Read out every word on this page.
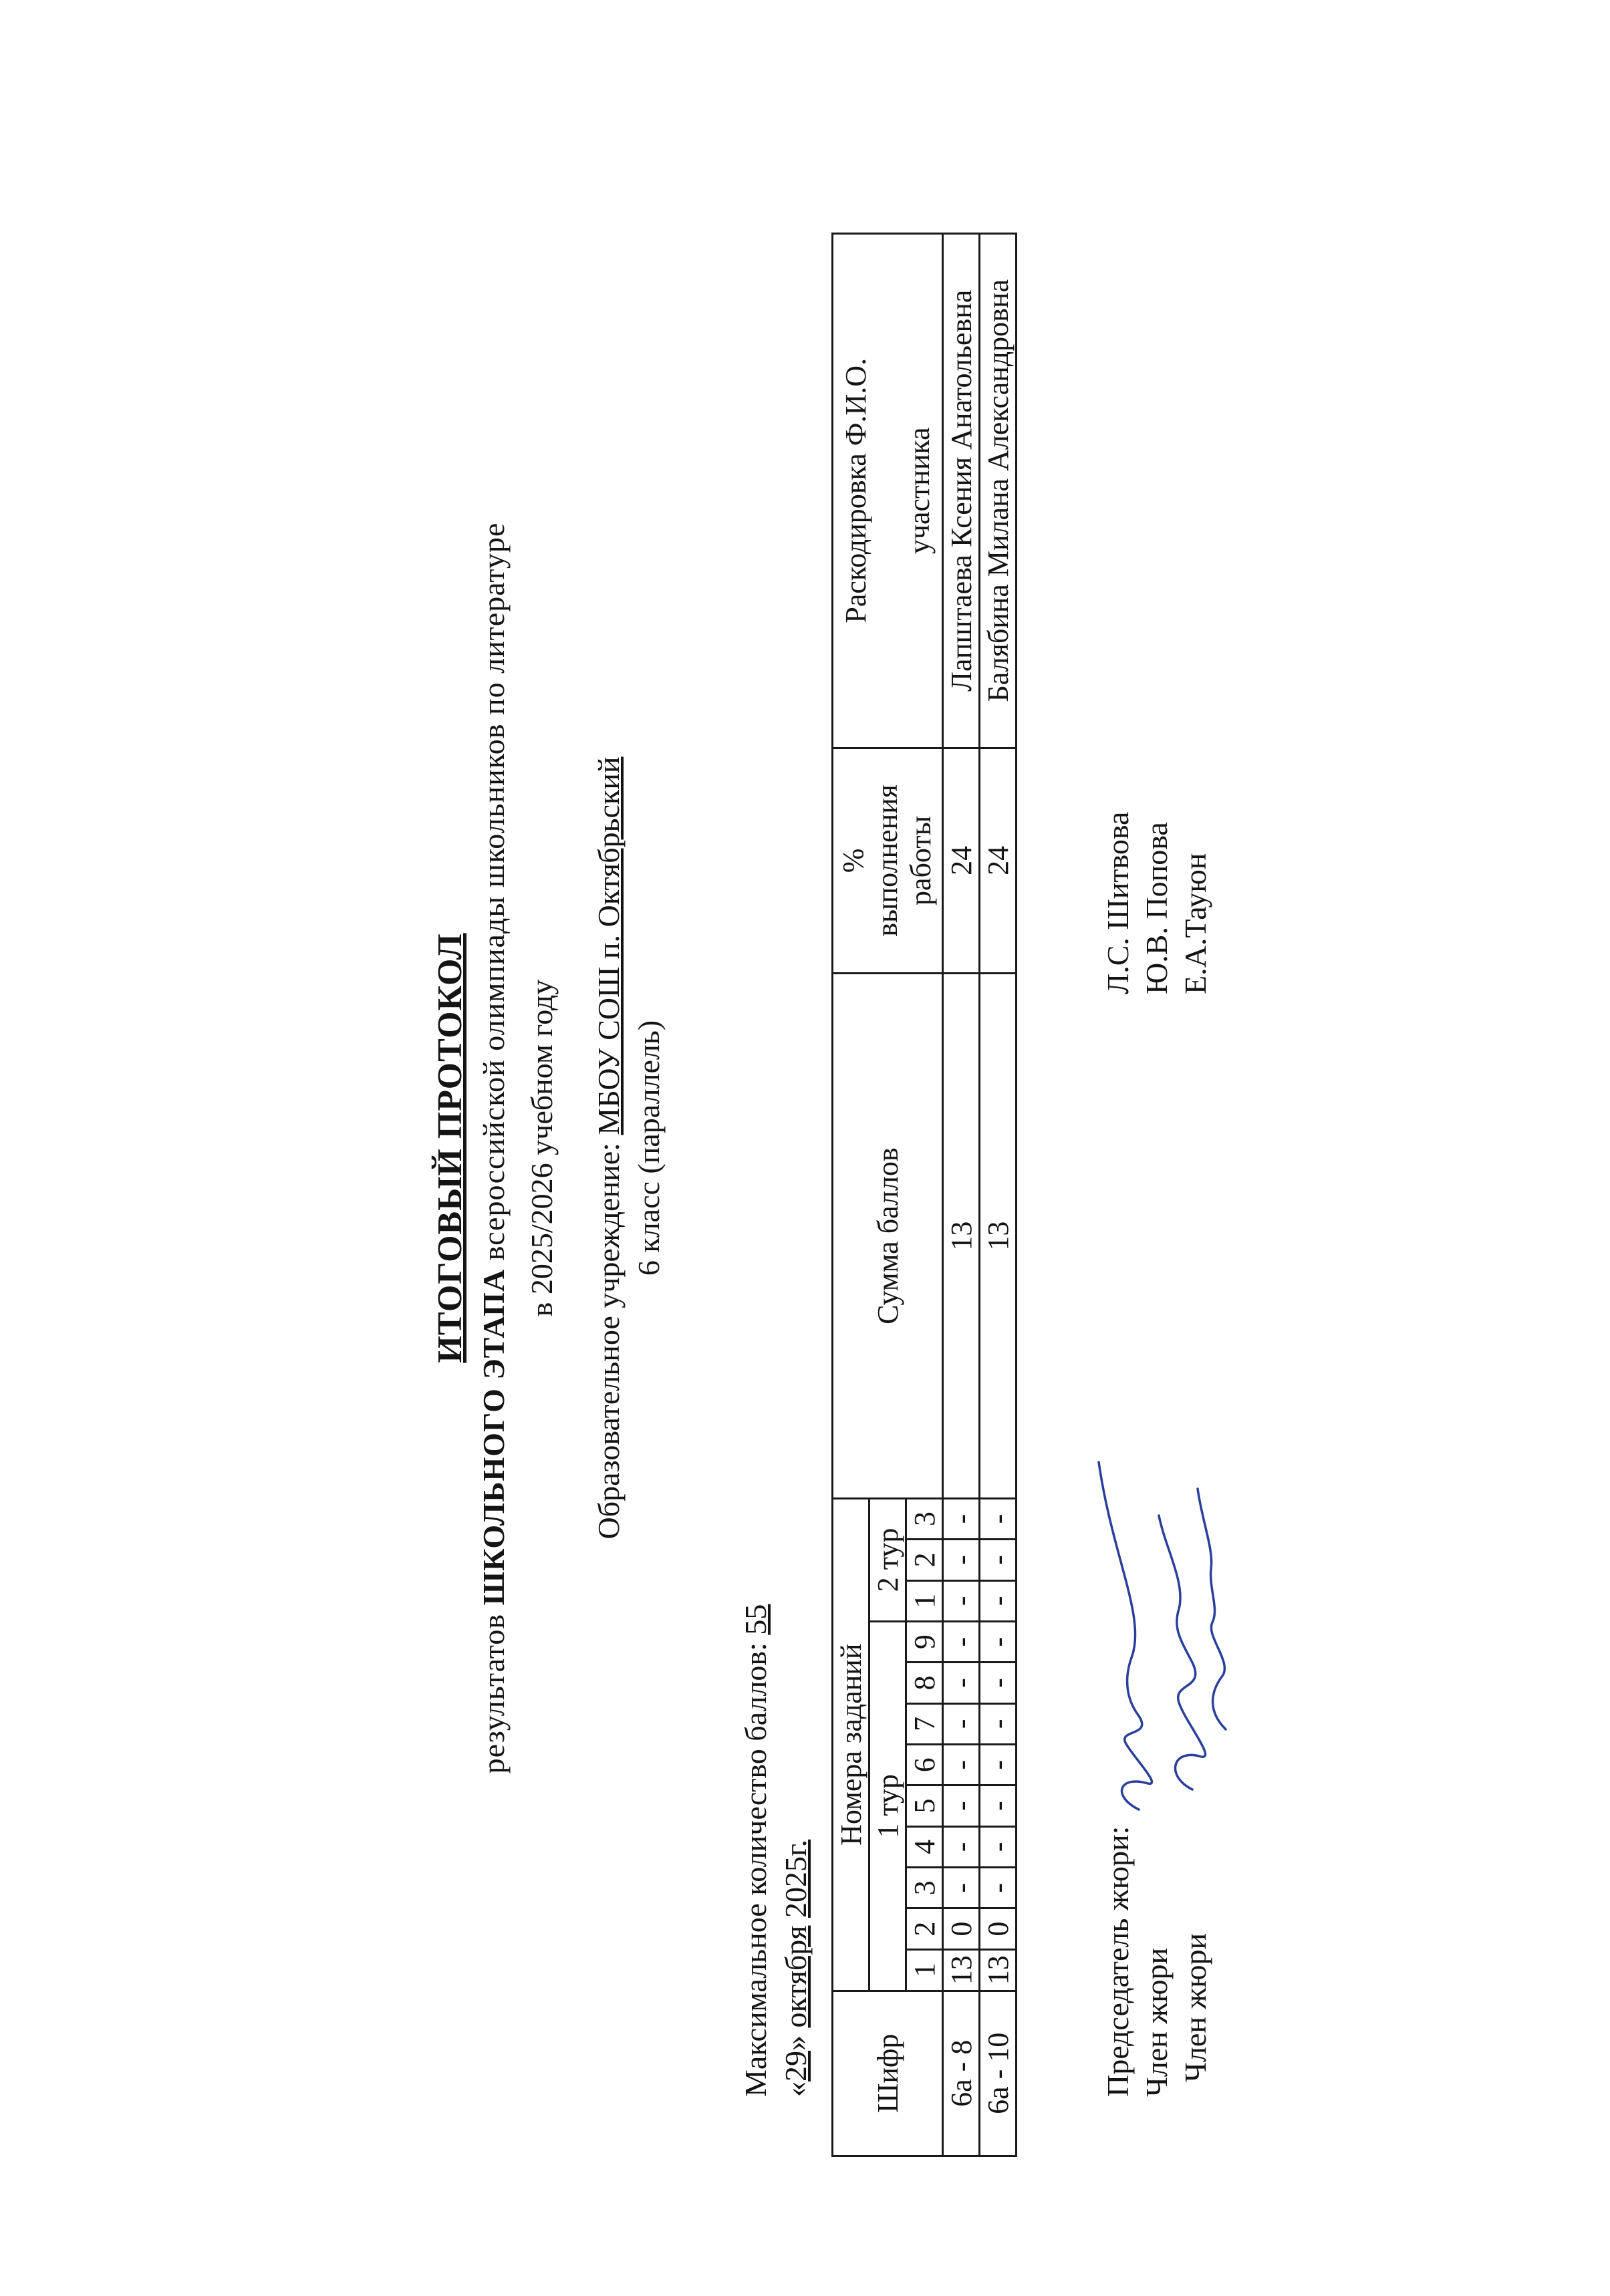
ИТОГОВЫЙ ПРОТОКОЛ
результатов ШКОЛЬНОГО ЭТАПА всероссийской олимпиады школьников по литературе в 2025/2026 учебном году Образовательное учреждение: МБОУ СОШ п. Октябрьский
6 класс (параллель)
Максимальное количество баллов: 55
«29» октября 2025г.
Шифр	Номера заданий												Сумма баллов	% выполнения работы	Раскодировка Ф.И.О. участника

	1 тур									2 тур					
	1	2	3	4	5	6	7	8	9	1	2	3			
6а - 8	13	0	-	-	-	-	-	-	-	-	-	-	13	24	Лапштаева Ксения Анатольевна
6а - 10	13	0	-	-	-	-	-	-	-	-	-	-	13	24	Балябина Милана Александровна
Председатель жюри: Член жюри Член жюри
Л.С. Шитвова Ю.В. Попова Е.А.Тауюн
